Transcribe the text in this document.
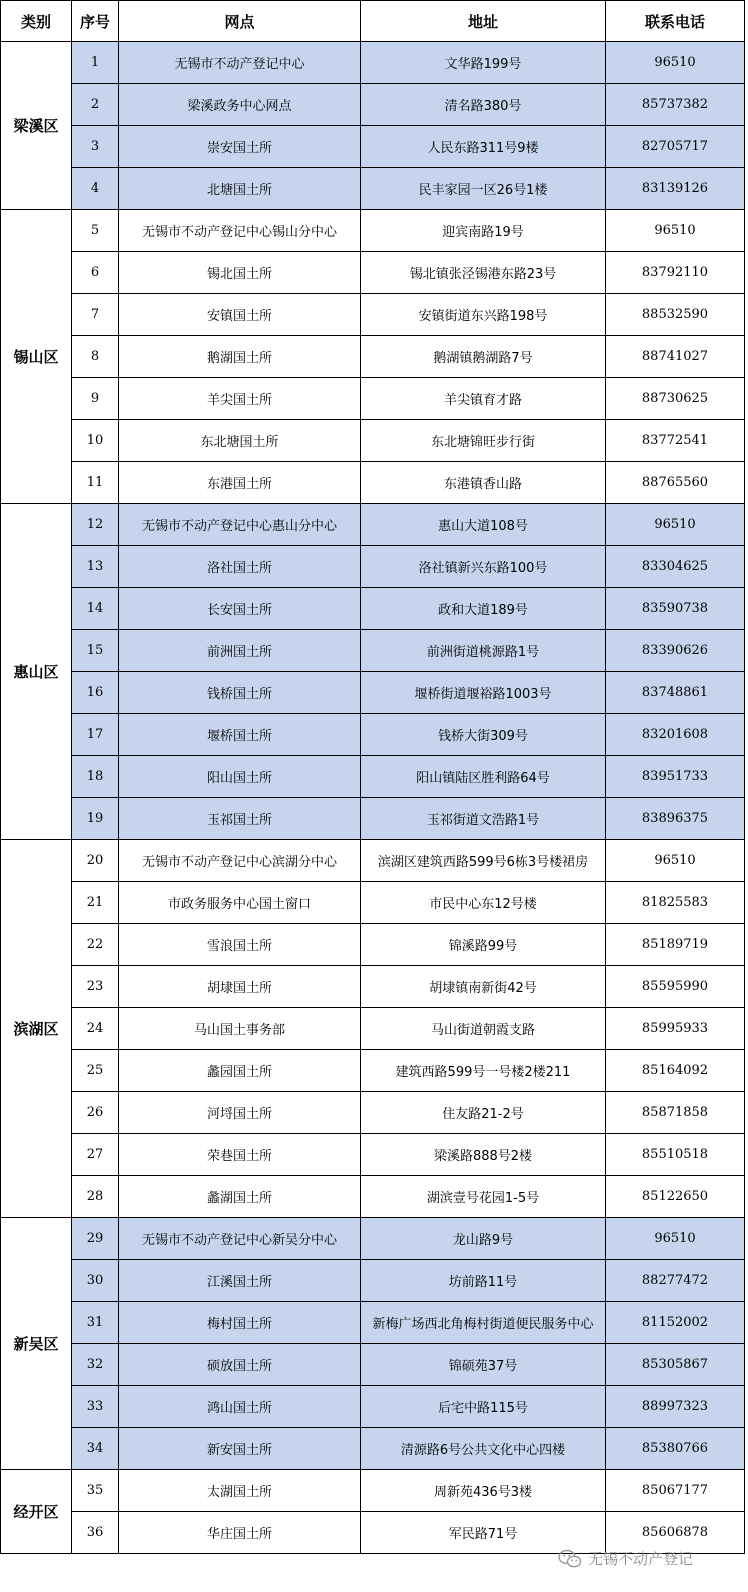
类别	序号	网点	地址	联系电话
梁溪区	1	无锡市不动产登记中心	文华路199号	96510
	2	梁溪政务中心网点	清名路380号	85737382
	3	崇安国土所	人民东路311号9楼	82705717
	4	北塘国土所	民丰家园一区26号1楼	83139126
锡山区	5	无锡市不动产登记中心锡山分中心	迎宾南路19号	96510
	6	锡北国土所	锡北镇张泾锡港东路23号	83792110
	7	安镇国土所	安镇街道东兴路198号	88532590
	8	鹅湖国土所	鹅湖镇鹅湖路7号	88741027
	9	羊尖国土所	羊尖镇育才路	88730625
	10	东北塘国土所	东北塘锦旺步行街	83772541
	11	东港国土所	东港镇香山路	88765560
惠山区	12	无锡市不动产登记中心惠山分中心	惠山大道108号	96510
	13	洛社国土所	洛社镇新兴东路100号	83304625
	14	长安国土所	政和大道189号	83590738
	15	前洲国土所	前洲街道桃源路1号	83390626
	16	钱桥国土所	堰桥街道堰裕路1003号	83748861
	17	堰桥国土所	钱桥大街309号	83201608
	18	阳山国土所	阳山镇陆区胜利路64号	83951733
	19	玉祁国土所	玉祁街道文浩路1号	83896375
滨湖区	20	无锡市不动产登记中心滨湖分中心	滨湖区建筑西路599号6栋3号楼裙房	96510
	21	市政务服务中心国土窗口	市民中心东12号楼	81825583
	22	雪浪国土所	锦溪路99号	85189719
	23	胡埭国土所	胡埭镇南新街42号	85595990
	24	马山国土事务部	马山街道朝霞支路	85995933
	25	蠡园国土所	建筑西路599号一号楼2楼211	85164092
	26	河埒国土所	住友路21-2号	85871858
	27	荣巷国土所	梁溪路888号2楼	85510518
	28	蠡湖国土所	湖滨壹号花园1-5号	85122650
新吴区	29	无锡市不动产登记中心新吴分中心	龙山路9号	96510
	30	江溪国土所	坊前路11号	88277472
	31	梅村国土所	新梅广场西北角梅村街道便民服务中心	81152002
	32	硕放国土所	锦硕苑37号	85305867
	33	鸿山国土所	后宅中路115号	88997323
	34	新安国土所	清源路6号公共文化中心四楼	85380766
经开区	35	太湖国土所	周新苑436号3楼	85067177
	36	华庄国土所	军民路71号	85606878
无锡不动产登记
